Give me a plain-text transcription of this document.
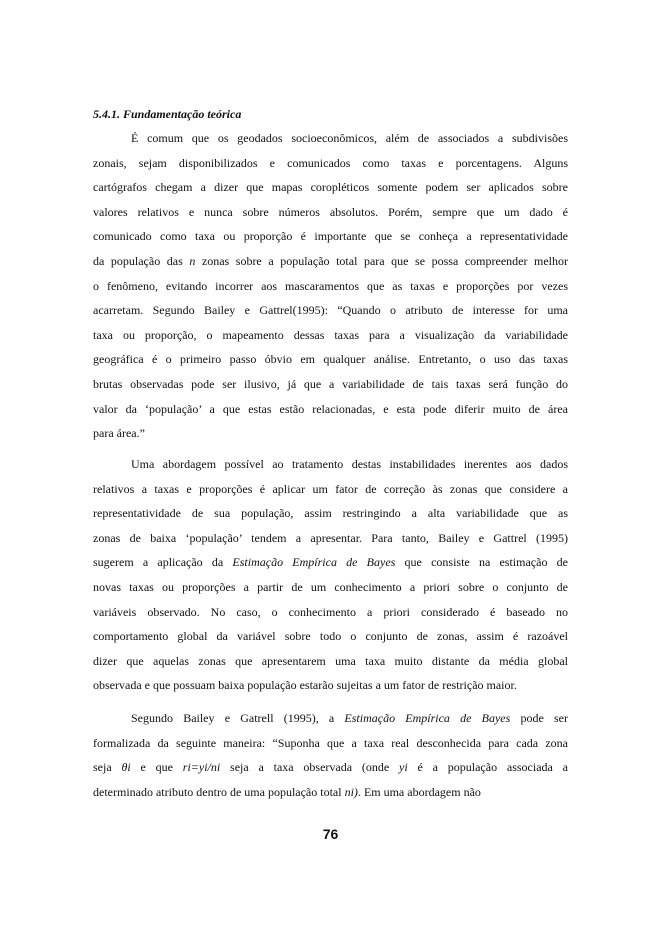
5.4.1. Fundamentação teórica
É comum que os geodados socioeconômicos, além de associados a subdivisões
zonais, sejam disponibilizados e comunicados como taxas e porcentagens. Alguns
cartógrafos chegam a dizer que mapas coropléticos somente podem ser aplicados sobre
valores relativos e nunca sobre números absolutos. Porém, sempre que um dado é
comunicado como taxa ou proporção é importante que se conheça a representatividade
da população das n zonas sobre a população total para que se possa compreender melhor
o fenômeno, evitando incorrer aos mascaramentos que as taxas e proporções por vezes
acarretam. Segundo Bailey e Gattrel(1995): “Quando o atributo de interesse for uma
taxa ou proporção, o mapeamento dessas taxas para a visualização da variabilidade
geográfica é o primeiro passo óbvio em qualquer análise. Entretanto, o uso das taxas
brutas observadas pode ser ilusivo, já que a variabilidade de tais taxas será função do
valor da ‘população’ a que estas estão relacionadas, e esta pode diferir muito de área
para área.”
Uma abordagem possível ao tratamento destas instabilidades inerentes aos dados
relativos a taxas e proporções é aplicar um fator de correção às zonas que considere a
representatividade de sua população, assim restringindo a alta variabilidade que as
zonas de baixa ‘população’ tendem a apresentar. Para tanto, Bailey e Gattrel (1995)
sugerem a aplicação da Estimação Empírica de Bayes que consiste na estimação de
novas taxas ou proporções a partir de um conhecimento a priori sobre o conjunto de
variáveis observado. No caso, o conhecimento a priori considerado é baseado no
comportamento global da variável sobre todo o conjunto de zonas, assim é razoável
dizer que aquelas zonas que apresentarem uma taxa muito distante da média global
observada e que possuam baixa população estarão sujeitas a um fator de restrição maior.
Segundo Bailey e Gatrell (1995), a Estimação Empírica de Bayes pode ser
formalizada da seguinte maneira: “Suponha que a taxa real desconhecida para cada zona
seja θi e que ri=yi/ni seja a taxa observada (onde yi é a população associada a
determinado atributo dentro de uma população total ni). Em uma abordagem não
76
